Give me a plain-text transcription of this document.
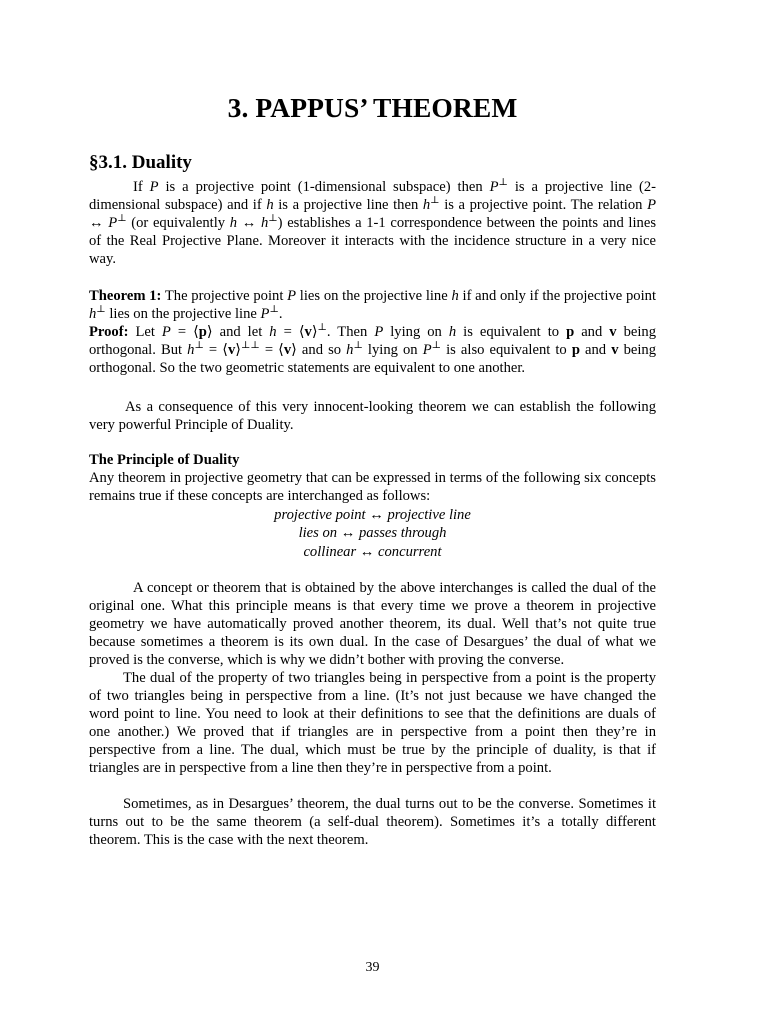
3. PAPPUS’ THEOREM
§3.1. Duality

If P is a projective point (1-dimensional subspace) then P⊥ is a projective line (2-dimensional subspace) and if h is a projective line then h⊥ is a projective point. The relation P ↔ P⊥ (or equivalently h ↔ h⊥) establishes a 1-1 correspondence between the points and lines of the Real Projective Plane. Moreover it interacts with the incidence structure in a very nice way.

Theorem 1: The projective point P lies on the projective line h if and only if the projective point h⊥ lies on the projective line P⊥.
Proof: Let P = ⟨p⟩ and let h = ⟨v⟩⊥. Then P lying on h is equivalent to p and v being orthogonal. But h⊥ = ⟨v⟩⊥⊥ = ⟨v⟩ and so h⊥ lying on P⊥ is also equivalent to p and v being orthogonal. So the two geometric statements are equivalent to one another.

As a consequence of this very innocent-looking theorem we can establish the following very powerful Principle of Duality.

The Principle of Duality

Any theorem in projective geometry that can be expressed in terms of the following six concepts remains true if these concepts are interchanged as follows:

projective point ↔ projective line

lies on ↔ passes through

collinear ↔ concurrent

A concept or theorem that is obtained by the above interchanges is called the dual of the original one. What this principle means is that every time we prove a theorem in projective geometry we have automatically proved another theorem, its dual. Well that’s not quite true because sometimes a theorem is its own dual. In the case of Desargues’ the dual of what we proved is the converse, which is why we didn’t bother with proving the converse.

The dual of the property of two triangles being in perspective from a point is the property of two triangles being in perspective from a line. (It’s not just because we have changed the word point to line. You need to look at their definitions to see that the definitions are duals of one another.) We proved that if triangles are in perspective from a point then they’re in perspective from a line. The dual, which must be true by the principle of duality, is that if triangles are in perspective from a line then they’re in perspective from a point.

Sometimes, as in Desargues’ theorem, the dual turns out to be the converse. Sometimes it turns out to be the same theorem (a self-dual theorem). Sometimes it’s a totally different theorem. This is the case with the next theorem.

39
